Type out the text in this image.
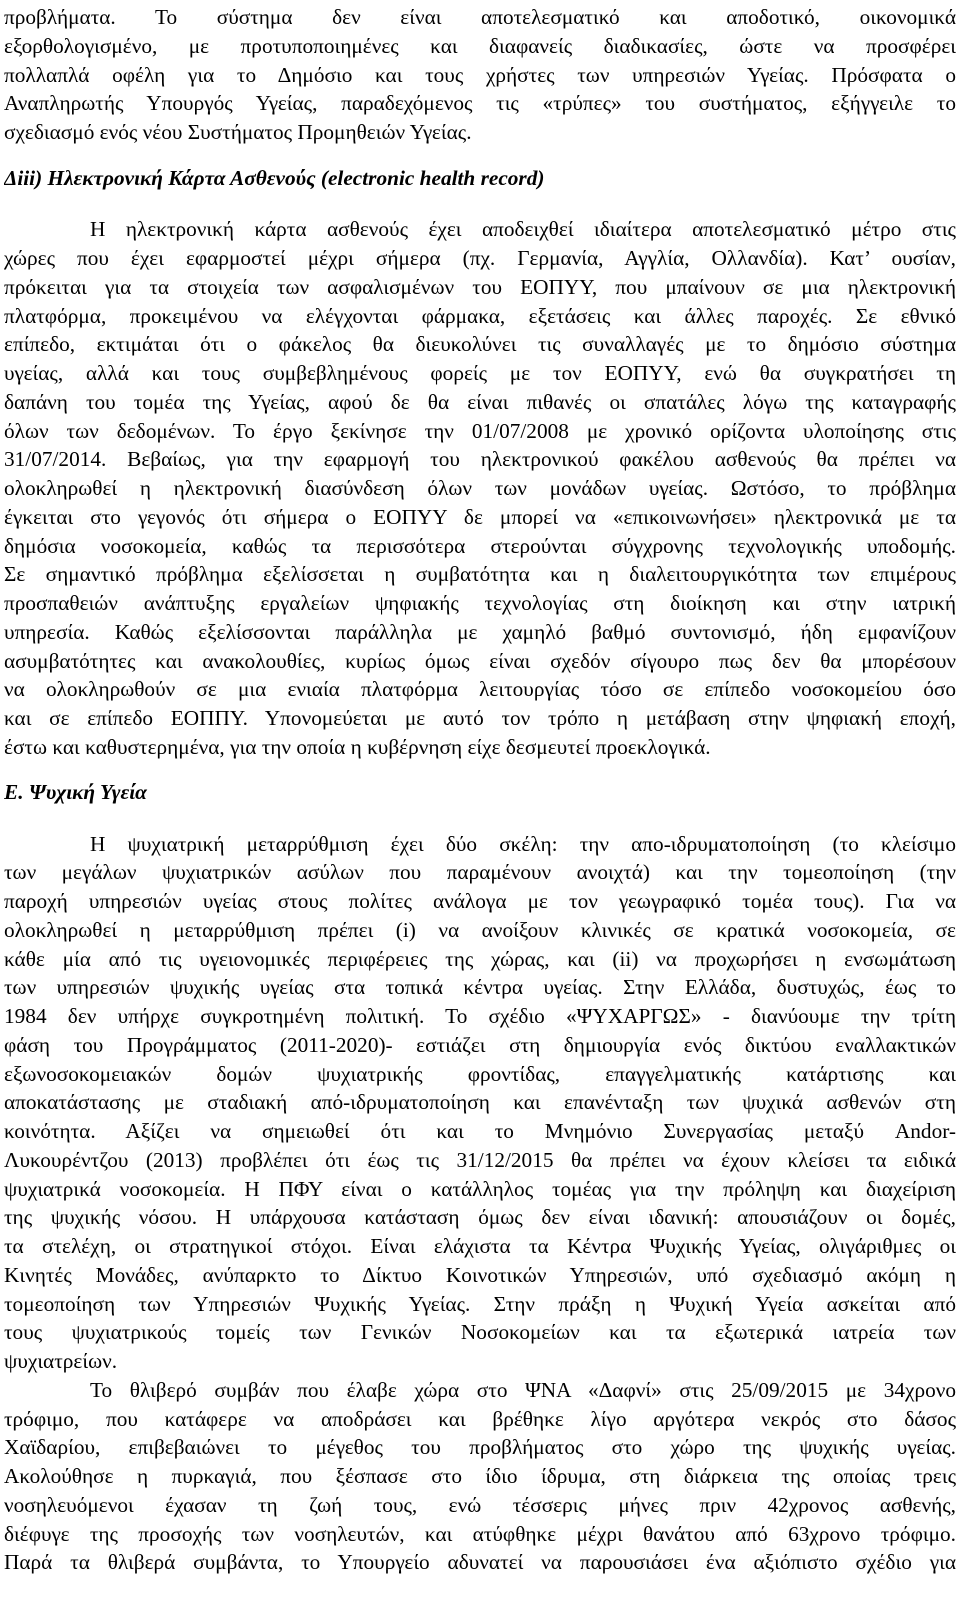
προβλήματα. Το σύστημα δεν είναι αποτελεσματικό και αποδοτικό, οικονομικά
εξορθολογισμένο, με προτυποποιημένες και διαφανείς διαδικασίες, ώστε να προσφέρει
πολλαπλά οφέλη για το Δημόσιο και τους χρήστες των υπηρεσιών Υγείας. Πρόσφατα ο
Αναπληρωτής Υπουργός Υγείας, παραδεχόμενος τις «τρύπες» του συστήματος, εξήγγειλε το
σχεδιασμό ενός νέου Συστήματος Προμηθειών Υγείας.
Δiii) Ηλεκτρονική Κάρτα Ασθενούς (electronic health record)
Η ηλεκτρονική κάρτα ασθενούς έχει αποδειχθεί ιδιαίτερα αποτελεσματικό μέτρο στις
χώρες που έχει εφαρμοστεί μέχρι σήμερα (πχ. Γερμανία, Αγγλία, Ολλανδία). Κατ’ ουσίαν,
πρόκειται για τα στοιχεία των ασφαλισμένων του ΕΟΠΥΥ, που μπαίνουν σε μια ηλεκτρονική
πλατφόρμα, προκειμένου να ελέγχονται φάρμακα, εξετάσεις και άλλες παροχές. Σε εθνικό
επίπεδο, εκτιμάται ότι ο φάκελος θα διευκολύνει τις συναλλαγές με το δημόσιο σύστημα
υγείας, αλλά και τους συμβεβλημένους φορείς με τον ΕΟΠΥΥ, ενώ θα συγκρατήσει τη
δαπάνη του τομέα της Υγείας, αφού δε θα είναι πιθανές οι σπατάλες λόγω της καταγραφής
όλων των δεδομένων. Το έργο ξεκίνησε την 01/07/2008 με χρονικό ορίζοντα υλοποίησης στις
31/07/2014. Βεβαίως, για την εφαρμογή του ηλεκτρονικού φακέλου ασθενούς θα πρέπει να
ολοκληρωθεί η ηλεκτρονική διασύνδεση όλων των μονάδων υγείας. Ωστόσο, το πρόβλημα
έγκειται στο γεγονός ότι σήμερα ο ΕΟΠΥΥ δε μπορεί να «επικοινωνήσει» ηλεκτρονικά με τα
δημόσια νοσοκομεία, καθώς τα περισσότερα στερούνται σύγχρονης τεχνολογικής υποδομής.
Σε σημαντικό πρόβλημα εξελίσσεται η συμβατότητα και η διαλειτουργικότητα των επιμέρους
προσπαθειών ανάπτυξης εργαλείων ψηφιακής τεχνολογίας στη διοίκηση και στην ιατρική
υπηρεσία. Καθώς εξελίσσονται παράλληλα με χαμηλό βαθμό συντονισμό, ήδη εμφανίζουν
ασυμβατότητες και ανακολουθίες, κυρίως όμως είναι σχεδόν σίγουρο πως δεν θα μπορέσουν
να ολοκληρωθούν σε μια ενιαία πλατφόρμα λειτουργίας τόσο σε επίπεδο νοσοκομείου όσο
και σε επίπεδο ΕΟΠΠΥ. Υπονομεύεται με αυτό τον τρόπο η μετάβαση στην ψηφιακή εποχή,
έστω και καθυστερημένα, για την οποία η κυβέρνηση είχε δεσμευτεί προεκλογικά.
Ε. Ψυχική Υγεία
Η ψυχιατρική μεταρρύθμιση έχει δύο σκέλη: την απο-ιδρυματοποίηση (το κλείσιμο
των μεγάλων ψυχιατρικών ασύλων που παραμένουν ανοιχτά) και την τομεοποίηση (την
παροχή υπηρεσιών υγείας στους πολίτες ανάλογα με τον γεωγραφικό τομέα τους). Για να
ολοκληρωθεί η μεταρρύθμιση πρέπει (i) να ανοίξουν κλινικές σε κρατικά νοσοκομεία, σε
κάθε μία από τις υγειονομικές περιφέρειες της χώρας, και (ii) να προχωρήσει η ενσωμάτωση
των υπηρεσιών ψυχικής υγείας στα τοπικά κέντρα υγείας. Στην Ελλάδα, δυστυχώς, έως το
1984 δεν υπήρχε συγκροτημένη πολιτική. Το σχέδιο «ΨΥΧΑΡΓΩΣ» - διανύουμε την τρίτη
φάση του Προγράμματος (2011-2020)- εστιάζει στη δημιουργία ενός δικτύου εναλλακτικών
εξωνοσοκομειακών δομών ψυχιατρικής φροντίδας, επαγγελματικής κατάρτισης και
αποκατάστασης με σταδιακή από-ιδρυματοποίηση και επανένταξη των ψυχικά ασθενών στη
κοινότητα. Αξίζει να σημειωθεί ότι και το Μνημόνιο Συνεργασίας μεταξύ Andor-
Λυκουρέντζου (2013) προβλέπει ότι έως τις 31/12/2015 θα πρέπει να έχουν κλείσει τα ειδικά
ψυχιατρικά νοσοκομεία. Η ΠΦΥ είναι ο κατάλληλος τομέας για την πρόληψη και διαχείριση
της ψυχικής νόσου. Η υπάρχουσα κατάσταση όμως δεν είναι ιδανική: απουσιάζουν οι δομές,
τα στελέχη, οι στρατηγικοί στόχοι. Είναι ελάχιστα τα Κέντρα Ψυχικής Υγείας, ολιγάριθμες οι
Κινητές Μονάδες, ανύπαρκτο το Δίκτυο Κοινοτικών Υπηρεσιών, υπό σχεδιασμό ακόμη η
τομεοποίηση των Υπηρεσιών Ψυχικής Υγείας. Στην πράξη η Ψυχική Υγεία ασκείται από
τους ψυχιατρικούς τομείς των Γενικών Νοσοκομείων και τα εξωτερικά ιατρεία των
ψυχιατρείων.
Το θλιβερό συμβάν που έλαβε χώρα στο ΨΝΑ «Δαφνί» στις 25/09/2015 με 34χρονο
τρόφιμο, που κατάφερε να αποδράσει και βρέθηκε λίγο αργότερα νεκρός στο δάσος
Χαϊδαρίου, επιβεβαιώνει το μέγεθος του προβλήματος στο χώρο της ψυχικής υγείας.
Ακολούθησε η πυρκαγιά, που ξέσπασε στο ίδιο ίδρυμα, στη διάρκεια της οποίας τρεις
νοσηλευόμενοι έχασαν τη ζωή τους, ενώ τέσσερις μήνες πριν 42χρονος ασθενής,
διέφυγε της προσοχής των νοσηλευτών, και ατύφθηκε μέχρι θανάτου από 63χρονο τρόφιμο.
Παρά τα θλιβερά συμβάντα, το Υπουργείο αδυνατεί να παρουσιάσει ένα αξιόπιστο σχέδιο για
